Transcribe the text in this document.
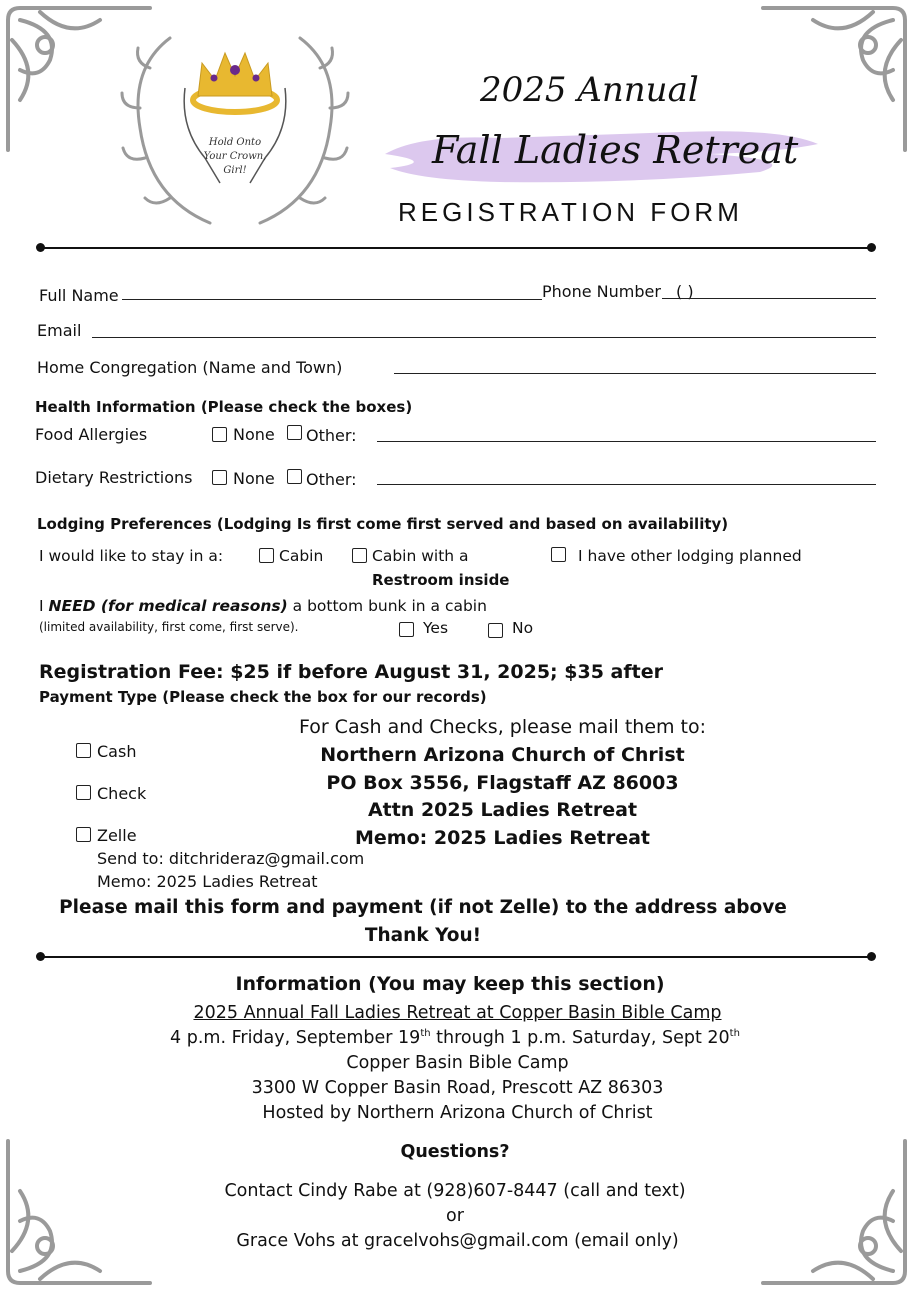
Hold Onto
Your Crown,
Girl!
2025 Annual
Fall Ladies Retreat
REGISTRATION FORM
Full Name	Phone Number ( )
Email
Home Congregation (Name and Town)
Health Information (Please check the boxes)
Food Allergies	None Other:
Dietary Restrictions	None Other:
Lodging Preferences (Lodging Is first come first served and based on availability)
I would like to stay in a:	Cabin	Cabin with a
Restroom inside
I have other lodging planned
I NEED (for medical reasons) a bottom bunk in a cabin
(limited availability, first come, first serve).	Yes	No
Registration Fee: $25 if before August 31, 2025; $35 after
Payment Type (Please check the box for our records)
Cash
Check
Zelle
Send to: ditchrideraz@gmail.com
Memo: 2025 Ladies Retreat
For Cash and Checks, please mail them to:
Northern Arizona Church of Christ
PO Box 3556, Flagstaff AZ 86003
Attn 2025 Ladies Retreat
Memo: 2025 Ladies Retreat
Please mail this form and payment (if not Zelle) to the address above
Thank You!
Information (You may keep this section)
2025 Annual Fall Ladies Retreat at Copper Basin Bible Camp
4 p.m. Friday, September 19th through 1 p.m. Saturday, Sept 20th
Copper Basin Bible Camp
3300 W Copper Basin Road, Prescott AZ 86303
Hosted by Northern Arizona Church of Christ
Questions?
Contact Cindy Rabe at (928)607-8447 (call and text)
or
Grace Vohs at gracelvohs@gmail.com (email only)
